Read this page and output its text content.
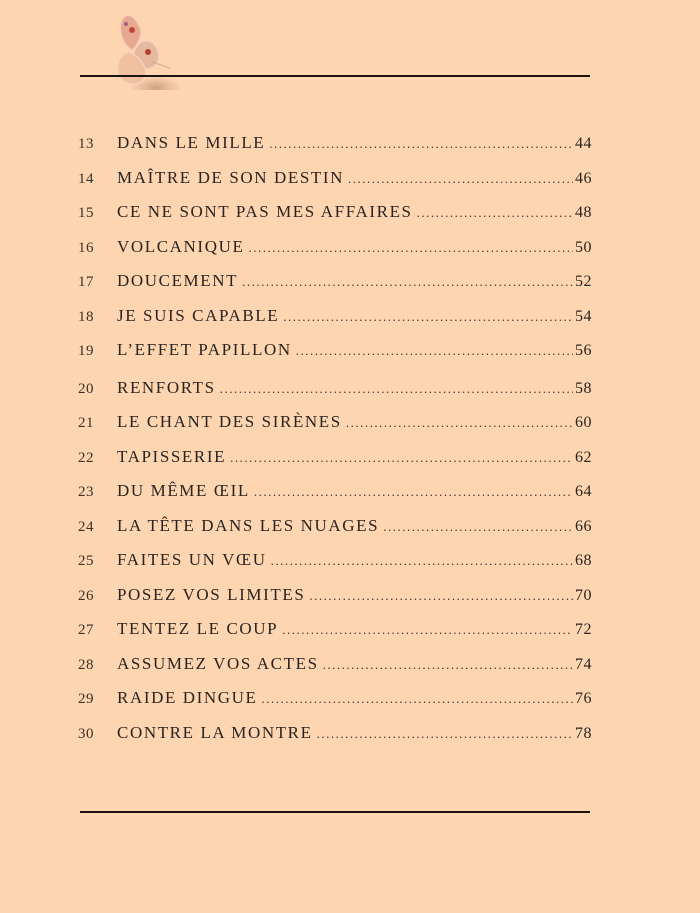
13	DANS LE MILLE .....	44
14	MAÎTRE DE SON DESTIN .....	46
15	CE NE SONT PAS MES AFFAIRES .....	48
16	VOLCANIQUE .....	50
17	DOUCEMENT .....	52
18	JE SUIS CAPABLE .....	54
19	L’EFFET PAPILLON .....	56
20	RENFORTS .....	58
21	LE CHANT DES SIRÈNES .....	60
22	TAPISSERIE .....	62
23	DU MÊME ŒIL .....	64
24	LA TÊTE DANS LES NUAGES .....	66
25	FAITES UN VŒU .....	68
26	POSEZ VOS LIMITES .....	70
27	TENTEZ LE COUP .....	72
28	ASSUMEZ VOS ACTES .....	74
29	RAIDE DINGUE .....	76
30	CONTRE LA MONTRE .....	78
